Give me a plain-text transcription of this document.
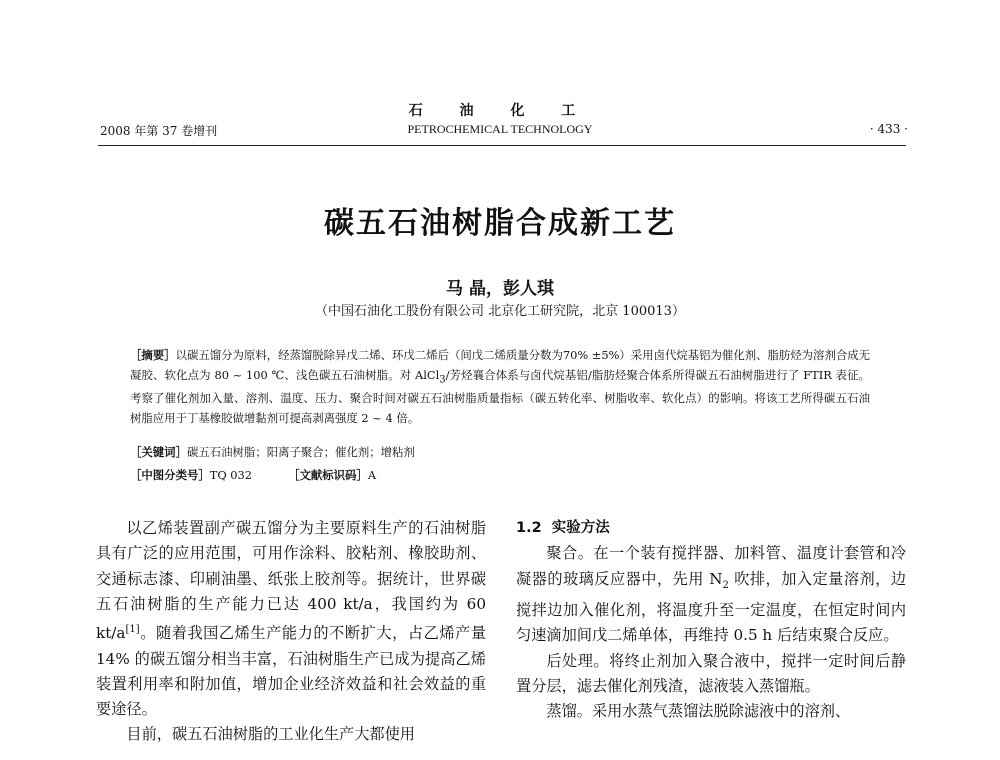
2008 年第 37 卷增刊
石 油 化 工
PETROCHEMICAL TECHNOLOGY	· 433 ·
碳五石油树脂合成新工艺
马 晶，彭人琪
（中国石油化工股份有限公司 北京化工研究院，北京 100013）
［摘要］以碳五馏分为原料，经蒸馏脱除异戊二烯、环戊二烯后（间戊二烯质量分数为70% ±5%）采用卤代烷基铝为催化剂、脂肪烃为溶剂合成无凝胶、软化点为 80 ~ 100 ℃、浅色碳五石油树脂。对 AlCl$_3$/芳烃襄合体系与卤代烷基铝/脂肪烃聚合体系所得碳五石油树脂进行了 FTIR 表征。考察了催化剂加入量、溶剂、温度、压力、聚合时间对碳五石油树脂质量指标（碳五转化率、树脂收率、软化点）的影响。将该工艺所得碳五石油树脂应用于丁基橡胶做增黏剂可提高剥离强度 2 ~ 4 倍。
［关键词］碳五石油树脂；阳离子聚合；催化剂；增粘剂
［中图分类号］TQ 032	［文献标识码］A

以乙烯装置副产碳五馏分为主要原料生产的石油树脂具有广泛的应用范围，可用作涂料、胶粘剂、橡胶助剂、交通标志漆、印刷油墨、纸张上胶剂等。据统计，世界碳五石油树脂的生产能力已达 400 kt/a，我国约为 60 kt/a[1]。随着我国乙烯生产能力的不断扩大，占乙烯产量 14% 的碳五馏分相当丰富，石油树脂生产已成为提高乙烯装置利用率和附加值，增加企业经济效益和社会效益的重要途径。

目前，碳五石油树脂的工业化生产大都使用

1.2 实验方法

聚合。在一个装有搅拌器、加料管、温度计套管和冷凝器的玻璃反应器中，先用 $N_2$ 吹排，加入定量溶剂，边搅拌边加入催化剂，将温度升至一定温度，在恒定时间内匀速滴加间戊二烯单体，再维持 0.5 h 后结束聚合反应。

后处理。将终止剂加入聚合液中，搅拌一定时间后静置分层，滤去催化剂残渣，滤液装入蒸馏瓶。

蒸馏。采用水蒸气蒸馏法脱除滤液中的溶剂、
